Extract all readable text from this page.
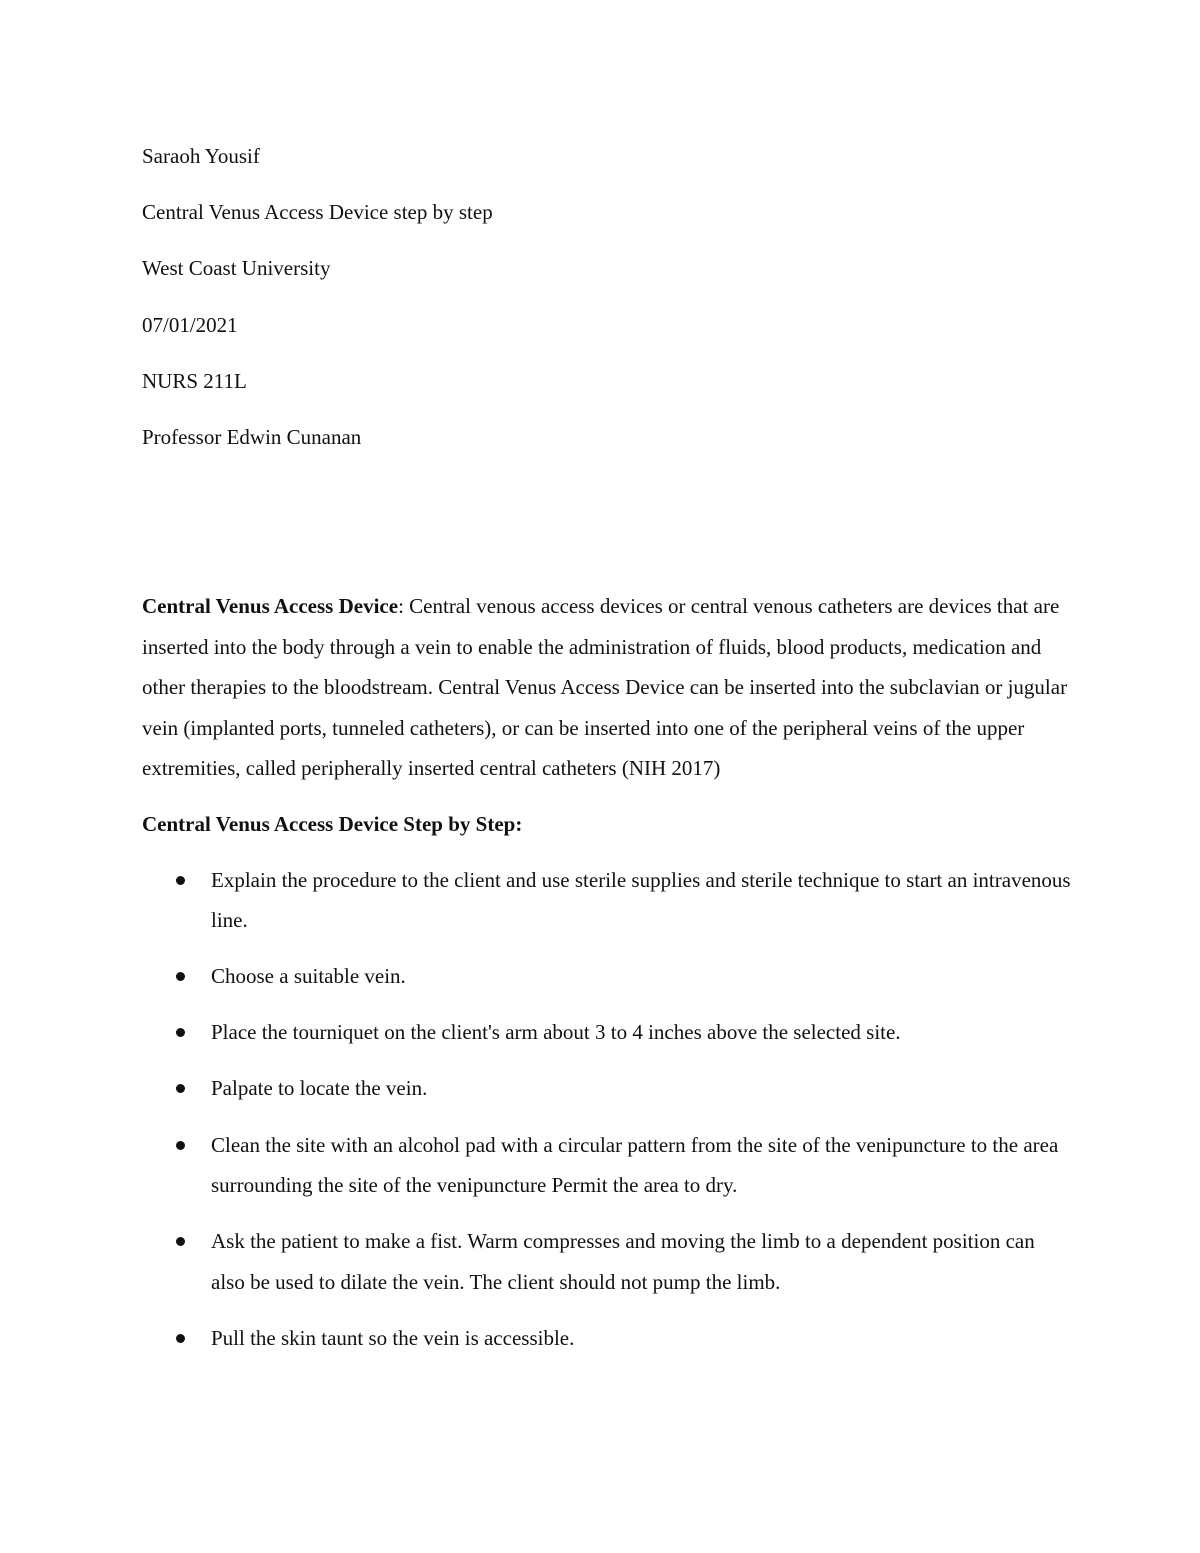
Saraoh Yousif
Central Venus Access Device step by step
West Coast University
07/01/2021
NURS 211L
Professor Edwin Cunanan

Central Venus Access Device: Central venous access devices or central venous catheters are devices that are inserted into the body through a vein to enable the administration of fluids, blood products, medication and other therapies to the bloodstream. Central Venus Access Device can be inserted into the subclavian or jugular vein (implanted ports, tunneled catheters), or can be inserted into one of the peripheral veins of the upper extremities, called peripherally inserted central catheters (NIH 2017)

Central Venus Access Device Step by Step:
Explain the procedure to the client and use sterile supplies and sterile technique to start an intravenous line.
Choose a suitable vein.
Place the tourniquet on the client's arm about 3 to 4 inches above the selected site.
Palpate to locate the vein.
Clean the site with an alcohol pad with a circular pattern from the site of the venipuncture to the area surrounding the site of the venipuncture Permit the area to dry.
Ask the patient to make a fist. Warm compresses and moving the limb to a dependent position can also be used to dilate the vein. The client should not pump the limb.
Pull the skin taunt so the vein is accessible.
